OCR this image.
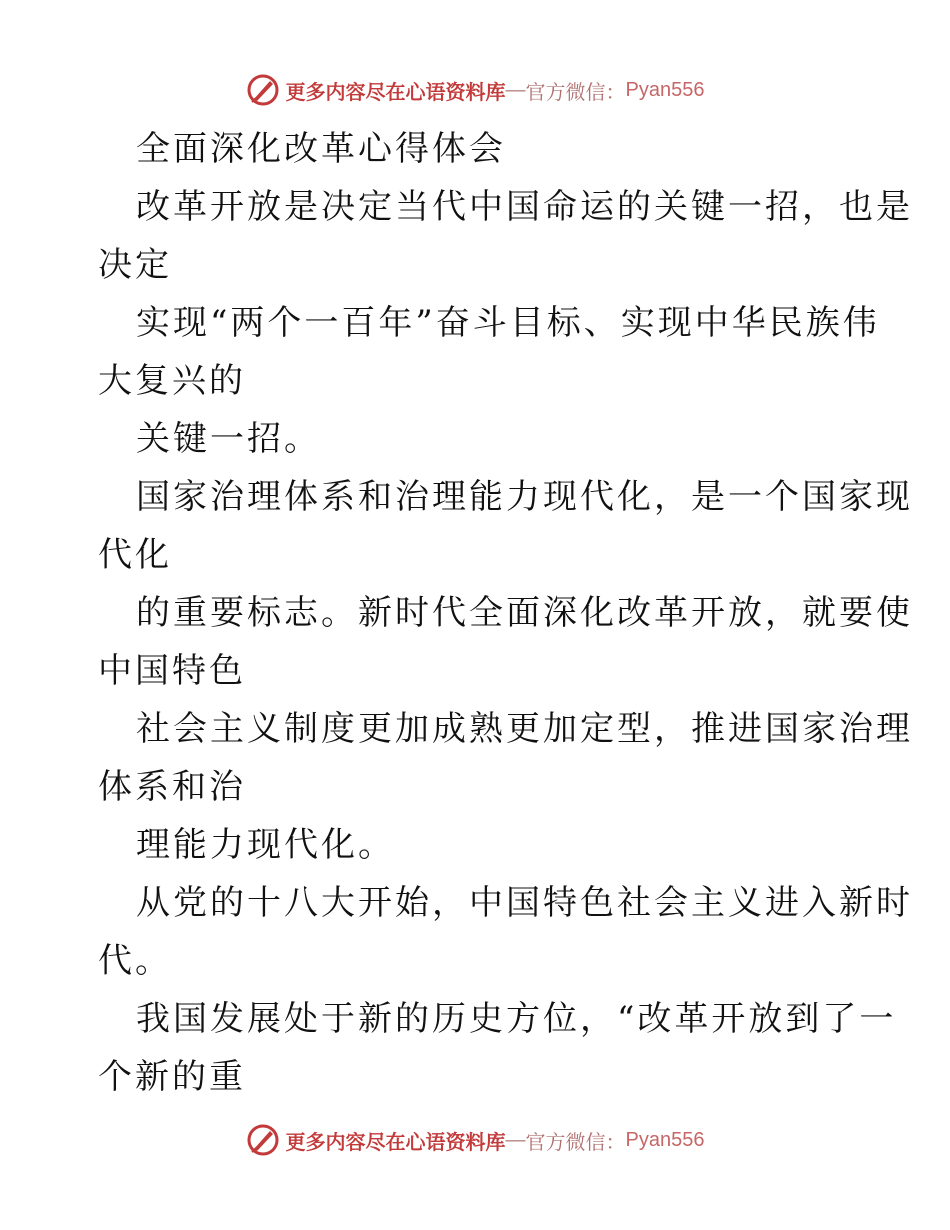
更多内容尽在心语资料库 — 官方微信： Pyan556
全面深化改革心得体会
改革开放是决定当代中国命运的关键一招，也是
决定
实现“两个一百年”奋斗目标、实现中华民族伟
大复兴的
关键一招。
国家治理体系和治理能力现代化，是一个国家现
代化
的重要标志。新时代全面深化改革开放，就要使
中国特色
社会主义制度更加成熟更加定型，推进国家治理
体系和治
理能力现代化。
从党的十八大开始，中国特色社会主义进入新时
代。
我国发展处于新的历史方位，“改革开放到了一
个新的重
更多内容尽在心语资料库 — 官方微信： Pyan556
